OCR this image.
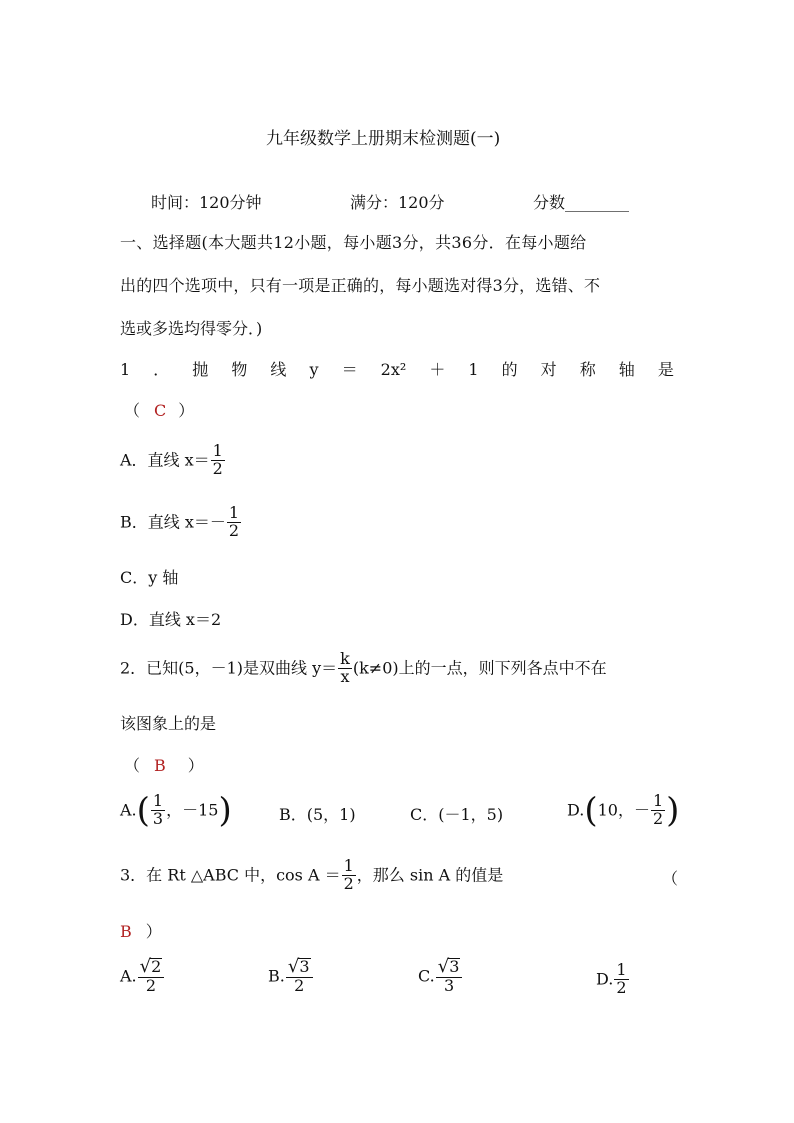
九年级数学上册期末检测题(一)
时间：120分钟	满分：120分	分数________
一、选择题(本大题共12小题，每小题3分，共36分．在每小题给
出的四个选项中，只有一项是正确的，每小题选对得3分，选错、不
选或多选均得零分．)
1 ． 抛 物 线 y ＝ 2x² ＋ 1 的 对 称 轴 是
（ C ）
A．直线 $x= \frac{1}{2}$
B．直线 $x=- \frac{1}{2}$
C．y 轴
D．直线 x＝2
2．已知(5，－1)是双曲线 $y= \frac{k}{x} (k\ne 0)$上的一点，则下列各点中不在
该图象上的是
（ B ）
$A.( \frac{1}{3}$ ，－15)	B．(5，1)	C．(－1，5)	D.(10，－ $\frac{1}{2}$ )
3．在 Rt △ABC 中，$\cos A = \frac{1}{2}$ ，那么 sin A 的值是	（
B ）
A. $\frac{√2}{2}$	B. $\frac{√3}{2}$	C. $\frac{√3}{3}$	D. $\frac{1}{2}$
